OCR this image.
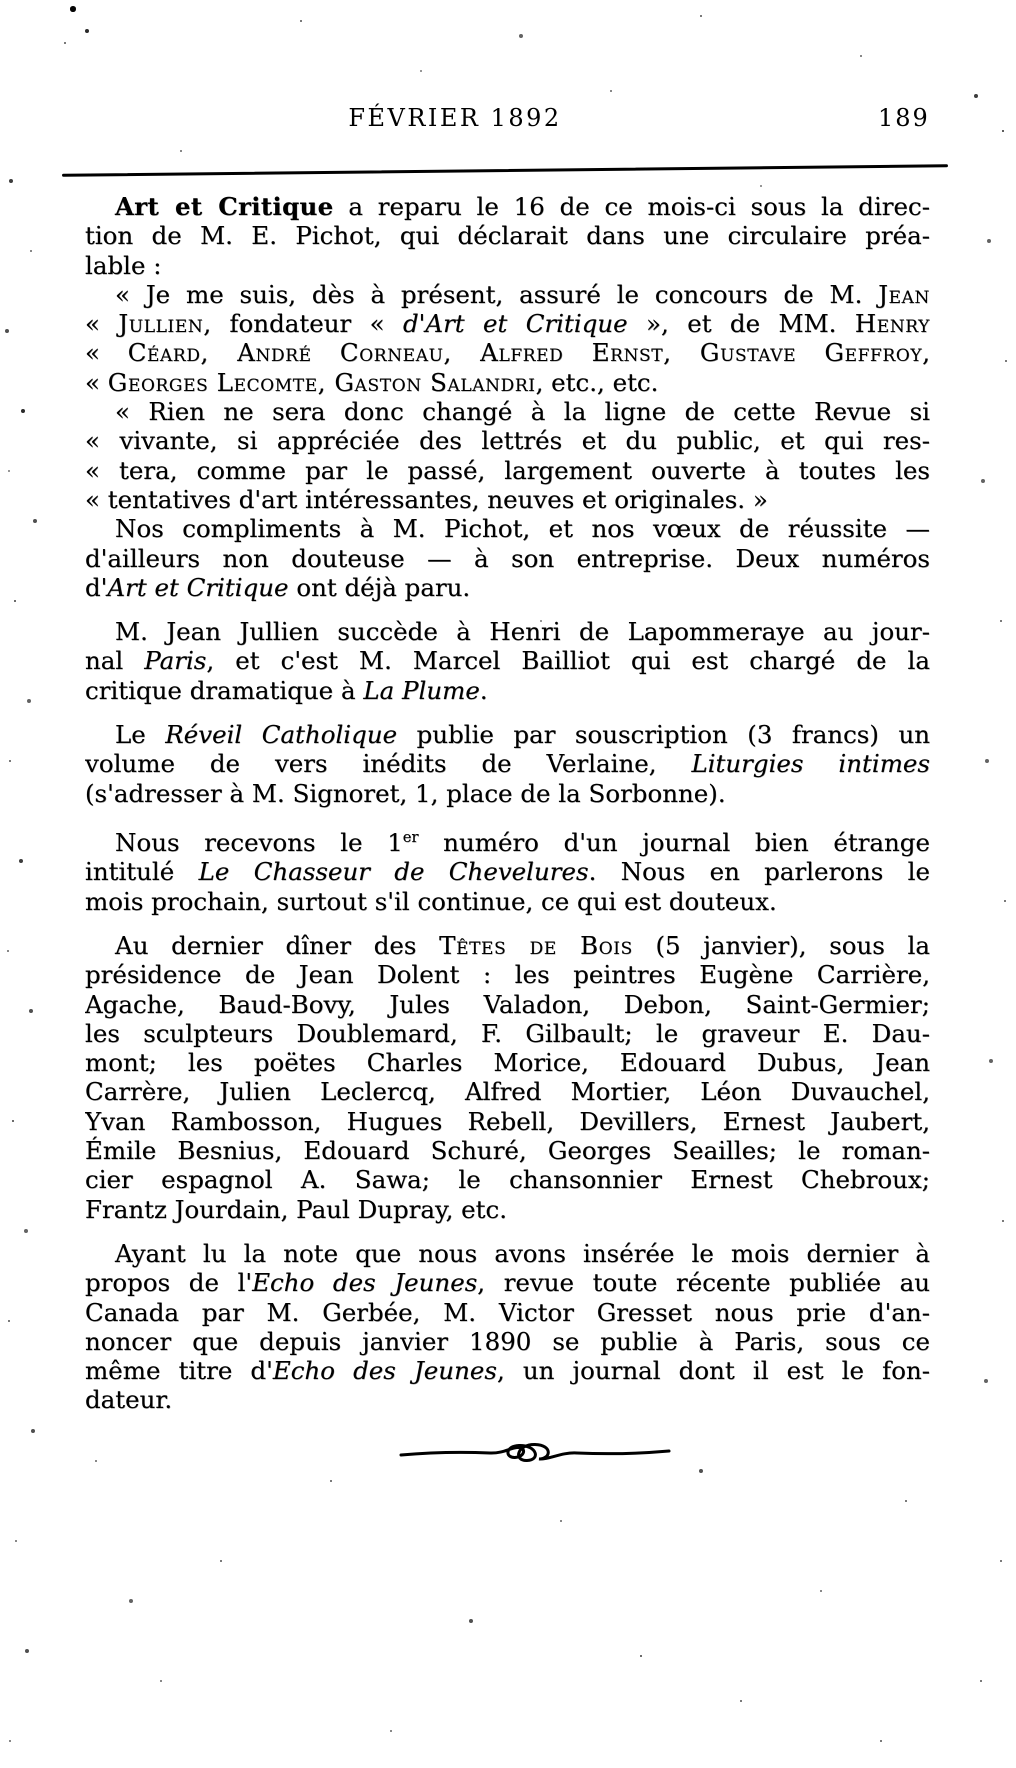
FÉVRIER 1892	189

Art et Critique a reparu le 16 de ce mois-ci sous la direc-
tion de M. E. Pichot, qui déclarait dans une circulaire préa-
lable :
« Je me suis, dès à présent, assuré le concours de M. Jean
« Jullien, fondateur « d'Art et Critique », et de MM. Henry
« Céard, André Corneau, Alfred Ernst, Gustave Geffroy,
« Georges Lecomte, Gaston Salandri, etc., etc.
« Rien ne sera donc changé à la ligne de cette Revue si
« vivante, si appréciée des lettrés et du public, et qui res-
« tera, comme par le passé, largement ouverte à toutes les
« tentatives d'art intéressantes, neuves et originales. »
Nos compliments à M. Pichot, et nos vœux de réussite —
d'ailleurs non douteuse — à son entreprise. Deux numéros
d'Art et Critique ont déjà paru.

M. Jean Jullien succède à Henri de Lapommeraye au jour-
nal Paris, et c'est M. Marcel Bailliot qui est chargé de la
critique dramatique à La Plume.

Le Réveil Catholique publie par souscription (3 francs) un
volume de vers inédits de Verlaine, Liturgies intimes
(s'adresser à M. Signoret, 1, place de la Sorbonne).

Nous recevons le 1er numéro d'un journal bien étrange
intitulé Le Chasseur de Chevelures. Nous en parlerons le
mois prochain, surtout s'il continue, ce qui est douteux.

Au dernier dîner des Têtes de Bois (5 janvier), sous la
présidence de Jean Dolent : les peintres Eugène Carrière,
Agache, Baud-Bovy, Jules Valadon, Debon, Saint-Germier;
les sculpteurs Doublemard, F. Gilbault; le graveur E. Dau-
mont; les poëtes Charles Morice, Edouard Dubus, Jean
Carrère, Julien Leclercq, Alfred Mortier, Léon Duvauchel,
Yvan Rambosson, Hugues Rebell, Devillers, Ernest Jaubert,
Émile Besnius, Edouard Schuré, Georges Seailles; le roman-
cier espagnol A. Sawa; le chansonnier Ernest Chebroux;
Frantz Jourdain, Paul Dupray, etc.

Ayant lu la note que nous avons insérée le mois dernier à
propos de l'Echo des Jeunes, revue toute récente publiée au
Canada par M. Gerbée, M. Victor Gresset nous prie d'an-
noncer que depuis janvier 1890 se publie à Paris, sous ce
même titre d'Echo des Jeunes, un journal dont il est le fon-
dateur.
